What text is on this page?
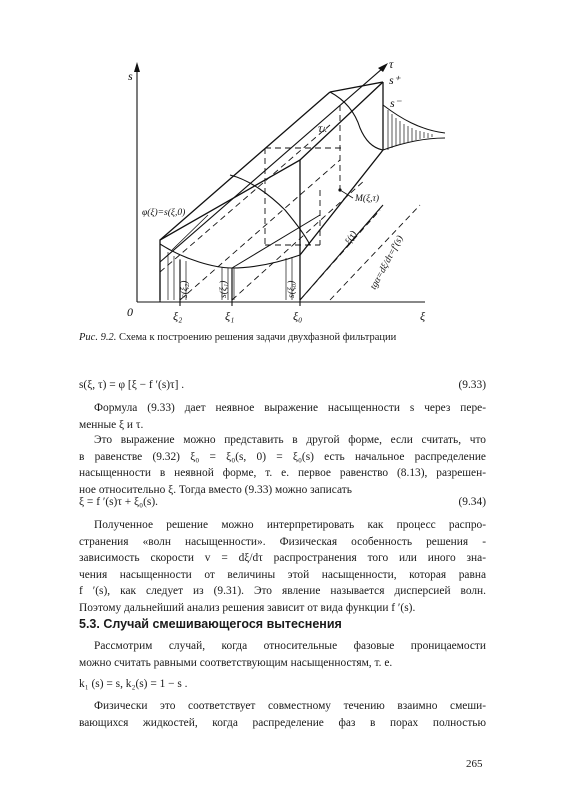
s
τ
s⁺
s⁻
τₖ
φ(ξ)=s(ξ,0)
M(ξ,τ)
ξ(τ) tgα=dξ/dτ=f′(s)
0	ξ₂	ξ₁	ξ₀	ξ
s(ξ₂)	s(ξ₁)	s(ξ₀)
Рис. 9.2. Схема к построению решения задачи двухфазной фильтрации
s(ξ, τ) = φ [ξ − f ′(s)τ] .	(9.33)
Формула (9.33) дает неявное выражение насыщенности s через пере-
менные ξ и τ.
Это выражение можно представить в другой форме, если считать, что
в равенстве (9.32) ξ₀ = ξ₀(s, 0) = ξ₀(s) есть начальное распределение
насыщенности в неявной форме, т. е. первое равенство (8.13), разрешен-
ное относительно ξ. Тогда вместо (9.33) можно записать
ξ = f ′(s)τ + ξ₀(s).	(9.34)
Полученное решение можно интерпретировать как процесс распро-
странения «волн насыщенности». Физическая особенность решения -
зависимость скорости v = dξ/dτ распространения того или иного зна-
чения насыщенности от величины этой насыщенности, которая равна
f ′(s), как следует из (9.31). Это явление называется дисперсией волн.
Поэтому дальнейший анализ решения зависит от вида функции f ′(s).
5.3. Случай смешивающегося вытеснения
Рассмотрим случай, когда относительные фазовые проницаемости
можно считать равными соответствующим насыщенностям, т. е.
k₁ (s) = s, k₂(s) = 1 − s .
Физически это соответствует совместному течению взаимно смеши-
вающихся жидкостей, когда распределение фаз в порах полностью
265
